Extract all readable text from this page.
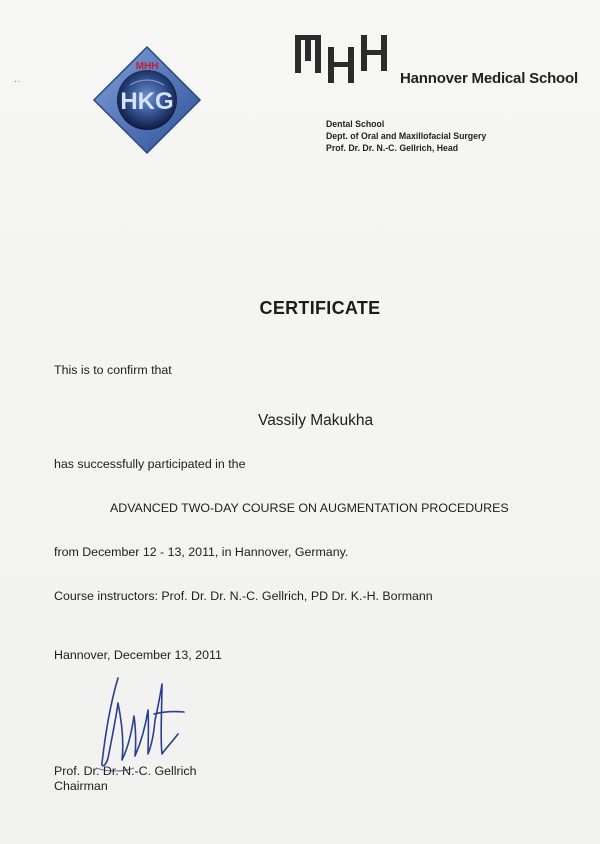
··
MHH
HKG
Hannover Medical School
Dental School
Dept. of Oral and Maxillofacial Surgery
Prof. Dr. Dr. N.-C. Gellrich, Head
CERTIFICATE
This is to confirm that
Vassily Makukha
has successfully participated in the
ADVANCED TWO-DAY COURSE ON AUGMENTATION PROCEDURES
from December 12 - 13, 2011, in Hannover, Germany.
Course instructors: Prof. Dr. Dr. N.-C. Gellrich, PD Dr. K.-H. Bormann
Hannover, December 13, 2011
Prof. Dr. Dr. N.-C. Gellrich
Chairman
